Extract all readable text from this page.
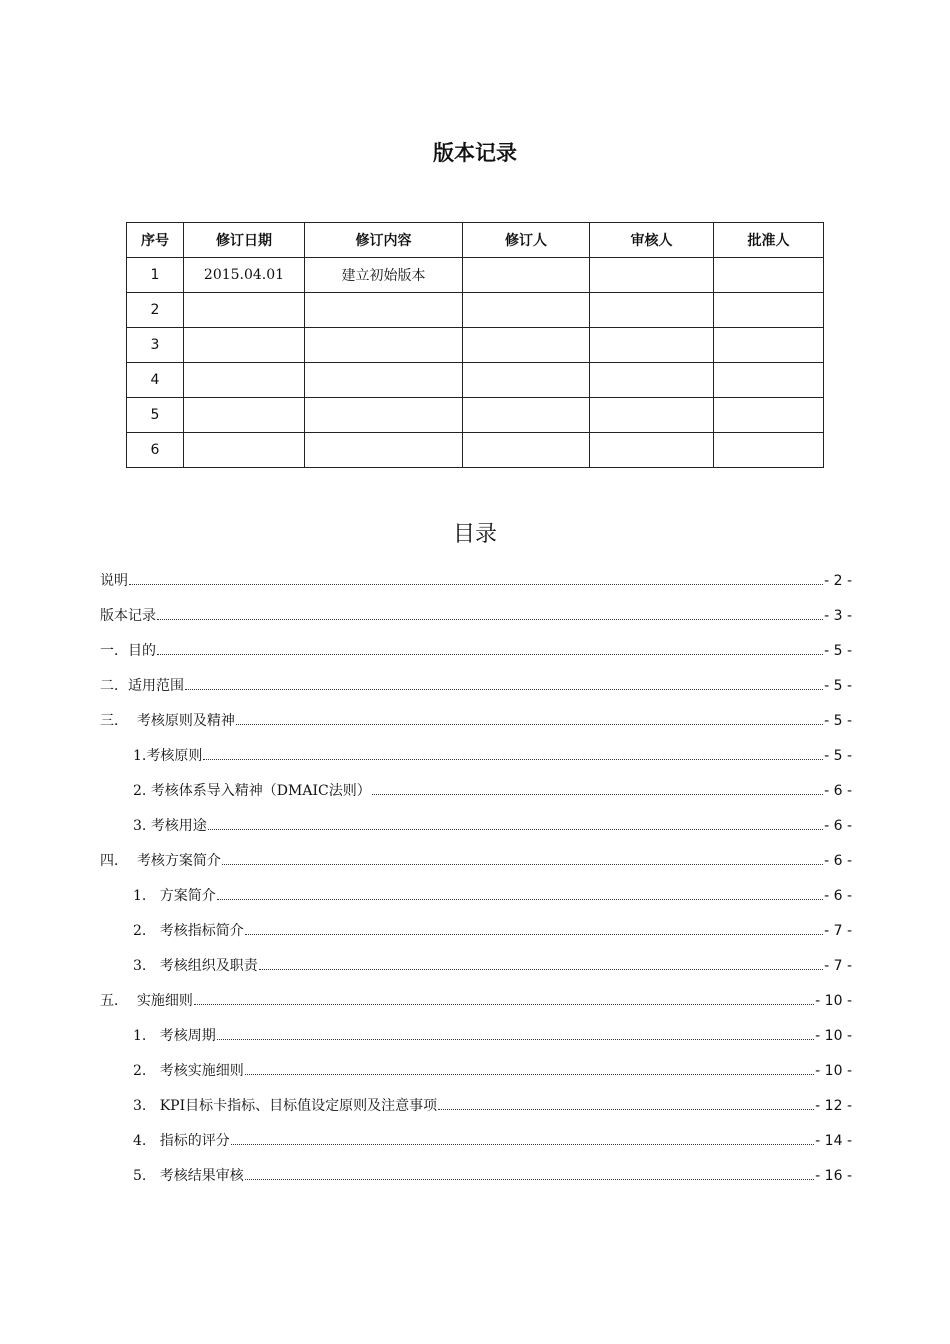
版本记录
序号	修订日期	修订内容	修订人	审核人	批准人
1	2015.04.01	建立初始版本			
2					
3					
4					
5					
6					
目录
说明	- 2 -
版本记录	- 3 -
一．目的	- 5 -
二．适用范围	- 5 -
三．  考核原则及精神	- 5 -
1.考核原则	- 5 -
2. 考核体系导入精神（DMAIC法则）	- 6 -
3. 考核用途	- 6 -
四．  考核方案简介	- 6 -
1.   方案简介	- 6 -
2.   考核指标简介	- 7 -
3.   考核组织及职责	- 7 -
五．  实施细则	- 10 -
1.   考核周期	- 10 -
2.   考核实施细则	- 10 -
3.   KPI目标卡指标、目标值设定原则及注意事项	- 12 -
4.   指标的评分	- 14 -
5.   考核结果审核	- 16 -
